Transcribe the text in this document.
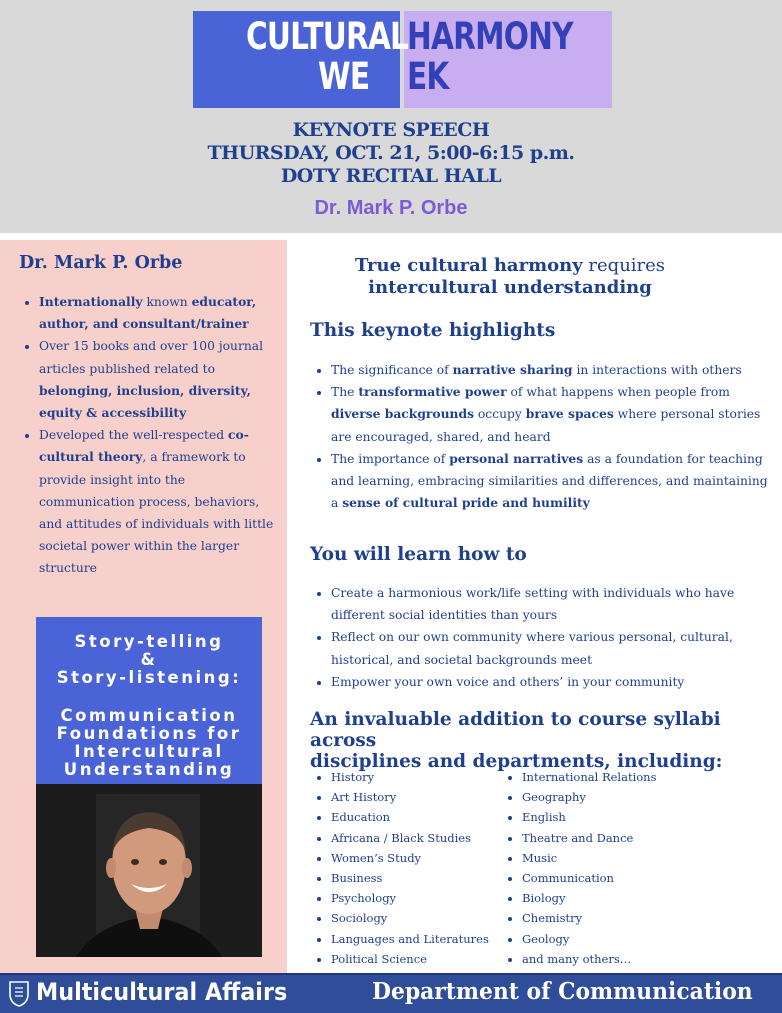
CULTURAL
WE
HARMONY
EK
KEYNOTE SPEECH
THURSDAY, OCT. 21, 5:00-6:15 p.m.
DOTY RECITAL HALL
Dr. Mark P. Orbe
Dr. Mark P. Orbe
• Internationally known educator, author, and consultant/trainer
• Over 15 books and over 100 journal articles published related to belonging, inclusion, diversity, equity & accessibility
• Developed the well-respected co-cultural theory, a framework to provide insight into the communication process, behaviors, and attitudes of individuals with little societal power within the larger structure
Story-telling
&
Story-listening:
Communication
Foundations for
Intercultural
Understanding
True cultural harmony requires
intercultural understanding
This keynote highlights
• The significance of narrative sharing in interactions with others
• The transformative power of what happens when people from diverse backgrounds occupy brave spaces where personal stories are encouraged, shared, and heard
• The importance of personal narratives as a foundation for teaching and learning, embracing similarities and differences, and maintaining a sense of cultural pride and humility
You will learn how to
• Create a harmonious work/life setting with individuals who have different social identities than yours
• Reflect on our own community where various personal, cultural, historical, and societal backgrounds meet
• Empower your own voice and others’ in your community
An invaluable addition to course syllabi across
disciplines and departments, including:
• History
• Art History
• Education
• Africana / Black Studies
• Women’s Study
• Business
• Psychology
• Sociology
• Languages and Literatures
• Political Science
• International Relations
• Geography
• English
• Theatre and Dance
• Music
• Communication
• Biology
• Chemistry
• Geology
• and many others…
Multicultural Affairs	Department of Communication
